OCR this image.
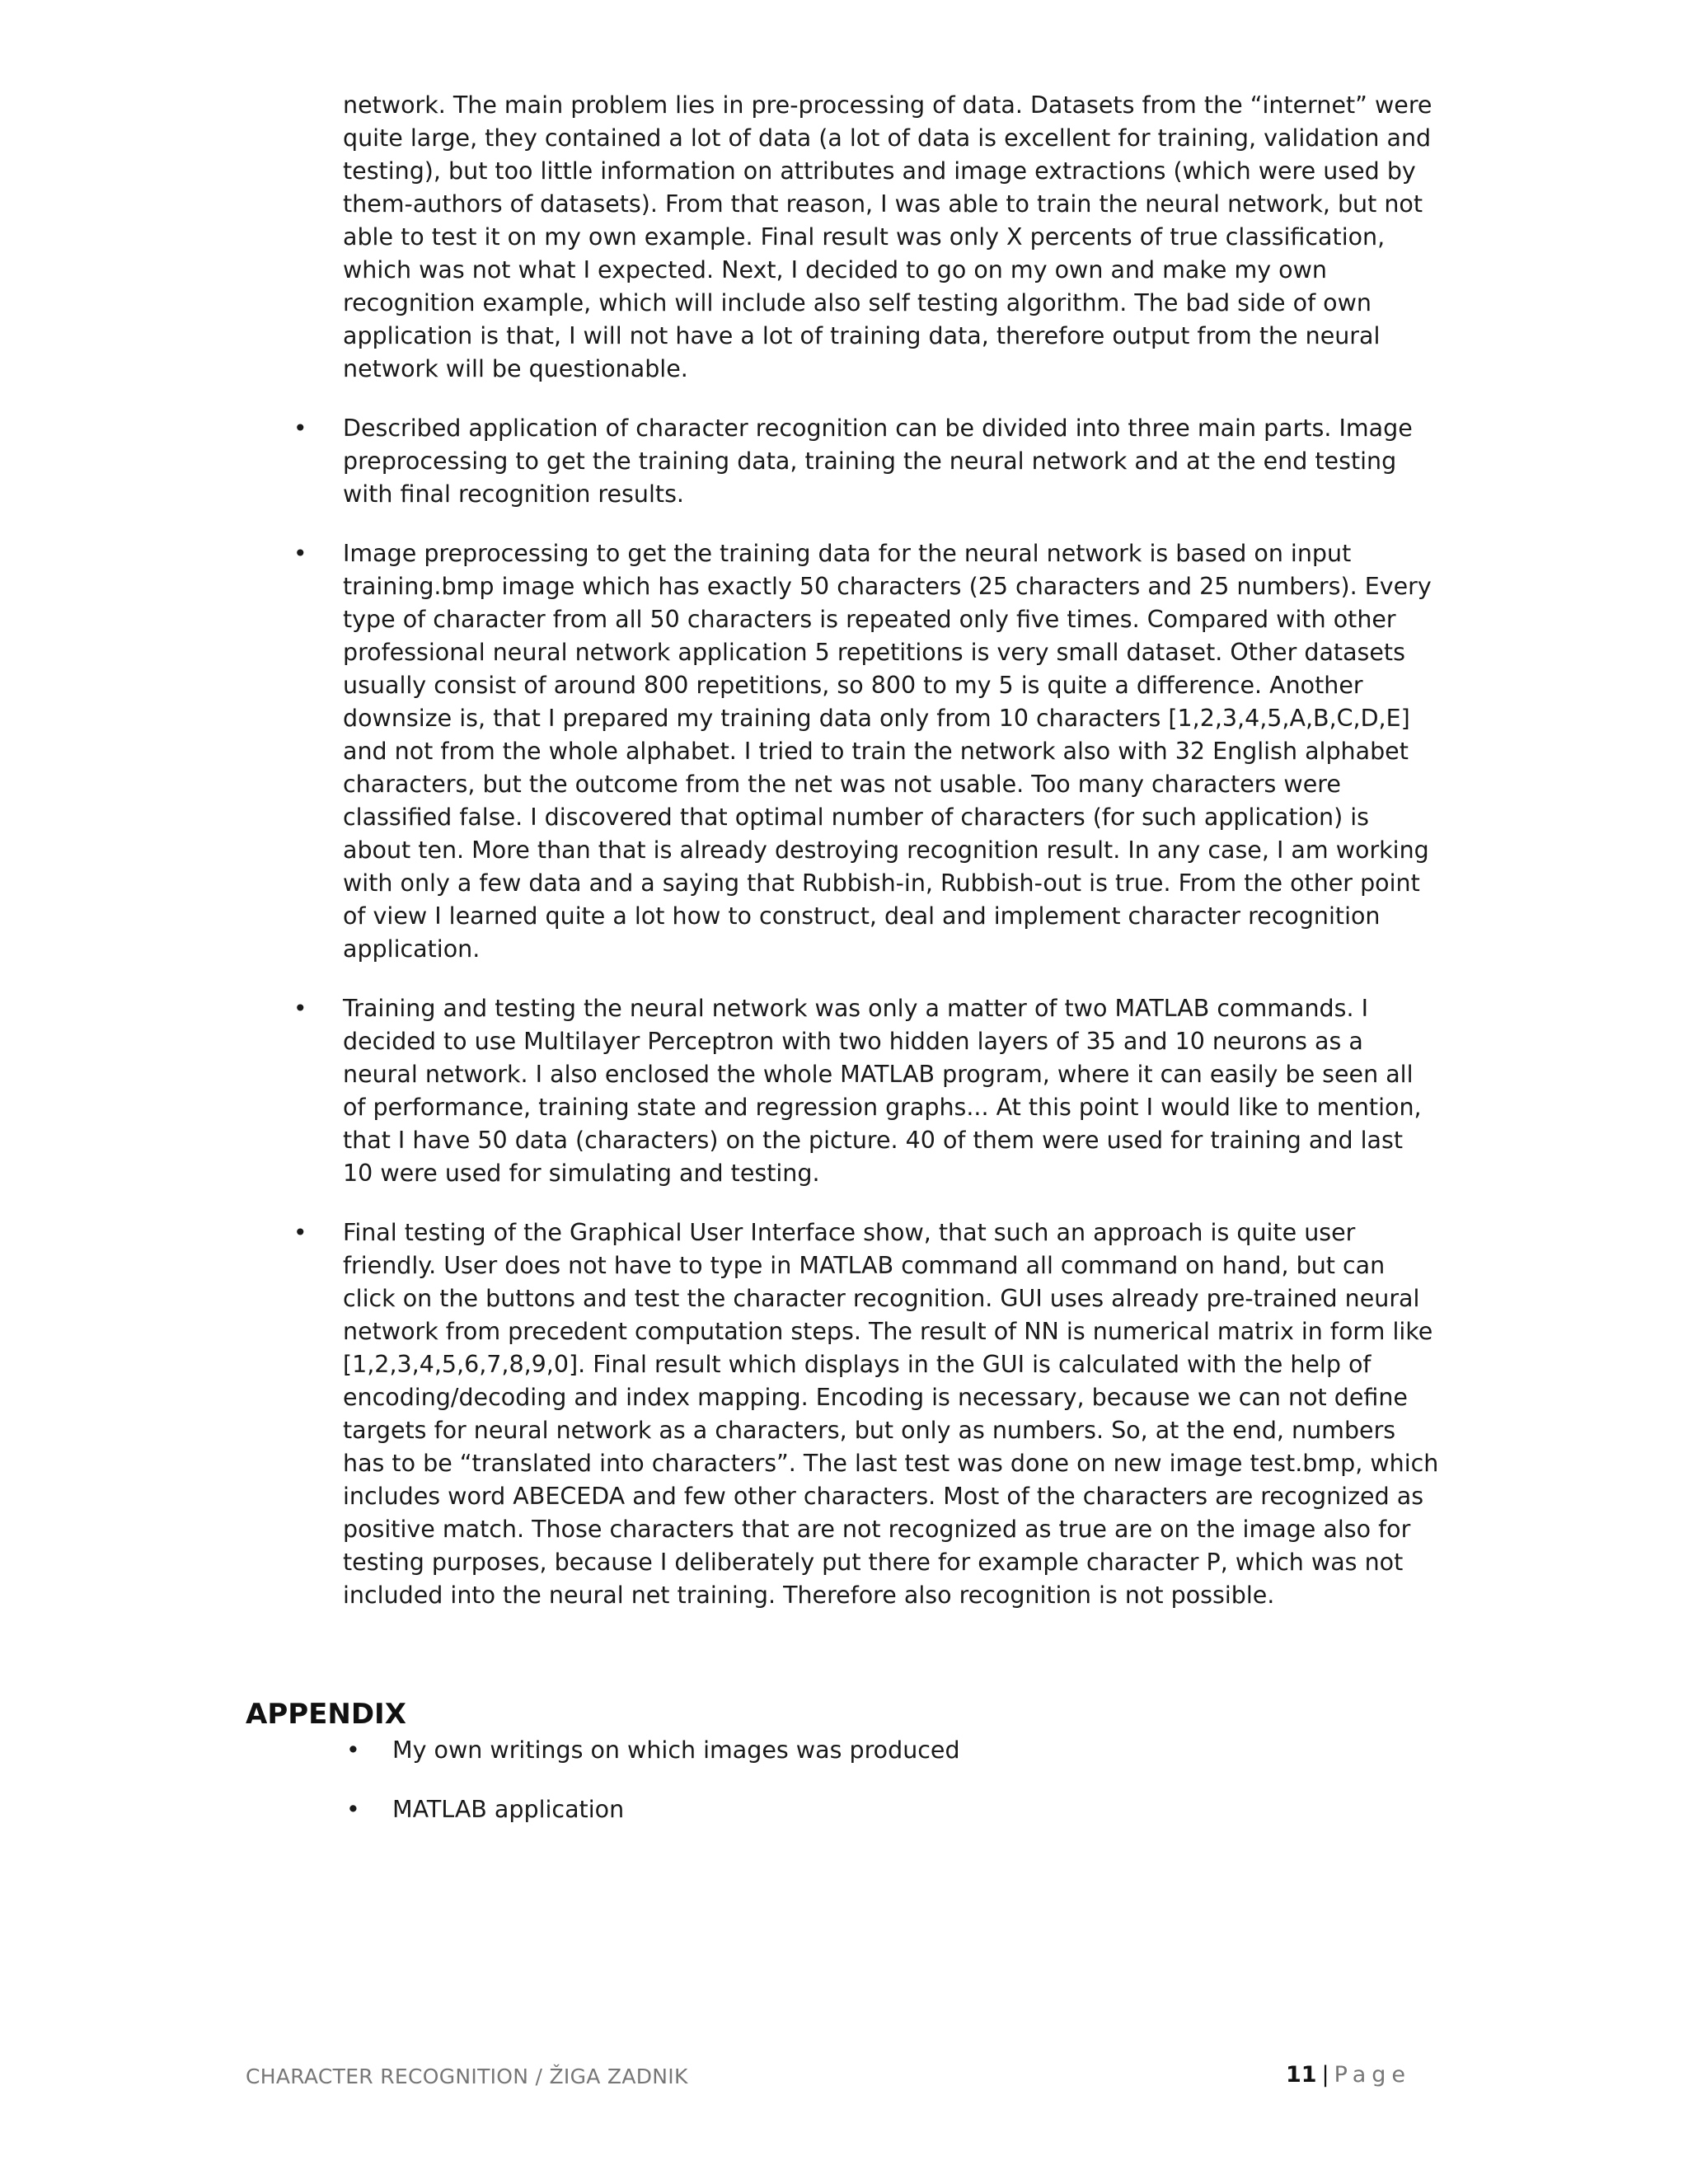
network. The main problem lies in pre-processing of data. Datasets from the “internet” were quite large, they contained a lot of data (a lot of data is excellent for training, validation and testing), but too little information on attributes and image extractions (which were used by them-authors of datasets). From that reason, I was able to train the neural network, but not able to test it on my own example. Final result was only X percents of true classification, which was not what I expected. Next, I decided to go on my own and make my own recognition example, which will include also self testing algorithm. The bad side of own application is that, I will not have a lot of training data, therefore output from the neural network will be questionable.

• Described application of character recognition can be divided into three main parts. Image preprocessing to get the training data, training the neural network and at the end testing with final recognition results.
• Image preprocessing to get the training data for the neural network is based on input training.bmp image which has exactly 50 characters (25 characters and 25 numbers). Every type of character from all 50 characters is repeated only five times. Compared with other professional neural network application 5 repetitions is very small dataset. Other datasets usually consist of around 800 repetitions, so 800 to my 5 is quite a difference. Another downsize is, that I prepared my training data only from 10 characters [1,2,3,4,5,A,B,C,D,E] and not from the whole alphabet. I tried to train the network also with 32 English alphabet characters, but the outcome from the net was not usable. Too many characters were classified false. I discovered that optimal number of characters (for such application) is about ten. More than that is already destroying recognition result. In any case, I am working with only a few data and a saying that Rubbish-in, Rubbish-out is true. From the other point of view I learned quite a lot how to construct, deal and implement character recognition application.
• Training and testing the neural network was only a matter of two MATLAB commands. I decided to use Multilayer Perceptron with two hidden layers of 35 and 10 neurons as a neural network. I also enclosed the whole MATLAB program, where it can easily be seen all of performance, training state and regression graphs... At this point I would like to mention, that I have 50 data (characters) on the picture. 40 of them were used for training and last 10 were used for simulating and testing.
• Final testing of the Graphical User Interface show, that such an approach is quite user friendly. User does not have to type in MATLAB command all command on hand, but can click on the buttons and test the character recognition. GUI uses already pre-trained neural network from precedent computation steps. The result of NN is numerical matrix in form like [1,2,3,4,5,6,7,8,9,0]. Final result which displays in the GUI is calculated with the help of encoding/decoding and index mapping. Encoding is necessary, because we can not define targets for neural network as a characters, but only as numbers. So, at the end, numbers has to be “translated into characters”. The last test was done on new image test.bmp, which includes word ABECEDA and few other characters. Most of the characters are recognized as positive match. Those characters that are not recognized as true are on the image also for testing purposes, because I deliberately put there for example character P, which was not included into the neural net training. Therefore also recognition is not possible.
APPENDIX
• My own writings on which images was produced
• MATLAB application
CHARACTER RECOGNITION / ŽIGA ZADNIK	11 | Page
